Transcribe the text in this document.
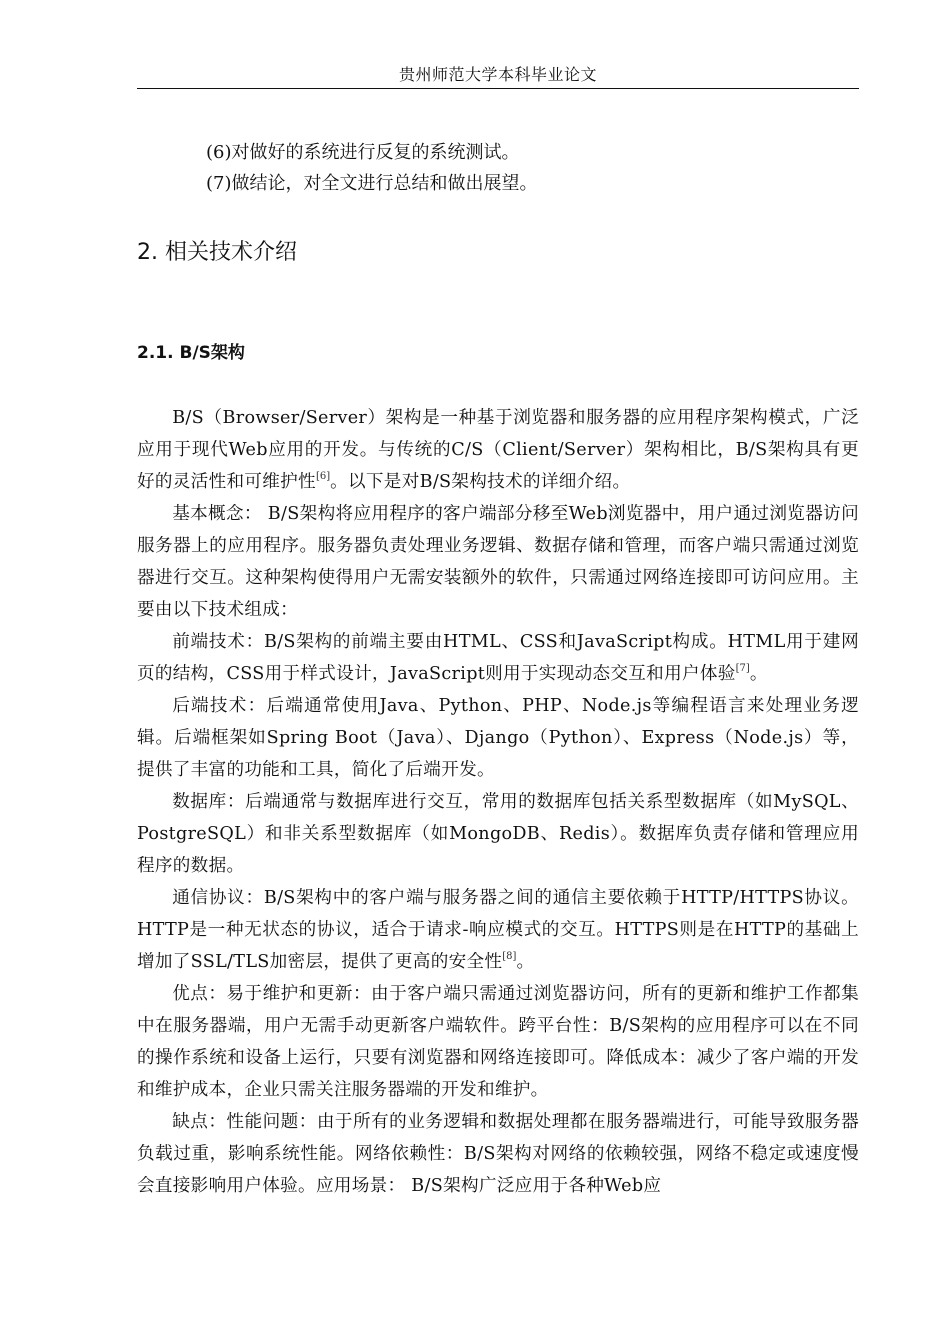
贵州师范大学本科毕业论文
(6)对做好的系统进行反复的系统测试。
(7)做结论，对全文进行总结和做出展望。
2. 相关技术介绍
2.1. B/S架构

B/S（Browser/Server）架构是一种基于浏览器和服务器的应用程序架构模式，广泛应用于现代Web应用的开发。与传统的C/S（Client/Server）架构相比，B/S架构具有更好的灵活性和可维护性[6]。以下是对B/S架构技术的详细介绍。

基本概念： B/S架构将应用程序的客户端部分移至Web浏览器中，用户通过浏览器访问服务器上的应用程序。服务器负责处理业务逻辑、数据存储和管理，而客户端只需通过浏览器进行交互。这种架构使得用户无需安装额外的软件，只需通过网络连接即可访问应用。主要由以下技术组成：

前端技术：B/S架构的前端主要由HTML、CSS和JavaScript构成。HTML用于建网页的结构，CSS用于样式设计，JavaScript则用于实现动态交互和用户体验[7]。

后端技术：后端通常使用Java、Python、PHP、Node.js等编程语言来处理业务逻辑。后端框架如Spring Boot（Java）、Django（Python）、Express（Node.js）等，提供了丰富的功能和工具，简化了后端开发。

数据库：后端通常与数据库进行交互，常用的数据库包括关系型数据库（如MySQL、PostgreSQL）和非关系型数据库（如MongoDB、Redis）。数据库负责存储和管理应用程序的数据。

通信协议：B/S架构中的客户端与服务器之间的通信主要依赖于HTTP/HTTPS协议。HTTP是一种无状态的协议，适合于请求-响应模式的交互。HTTPS则是在HTTP的基础上增加了SSL/TLS加密层，提供了更高的安全性[8]。

优点：易于维护和更新：由于客户端只需通过浏览器访问，所有的更新和维护工作都集中在服务器端，用户无需手动更新客户端软件。跨平台性：B/S架构的应用程序可以在不同的操作系统和设备上运行，只要有浏览器和网络连接即可。降低成本：减少了客户端的开发和维护成本，企业只需关注服务器端的开发和维护。

缺点：性能问题：由于所有的业务逻辑和数据处理都在服务器端进行，可能导致服务器负载过重，影响系统性能。网络依赖性：B/S架构对网络的依赖较强，网络不稳定或速度慢会直接影响用户体验。应用场景： B/S架构广泛应用于各种Web应
